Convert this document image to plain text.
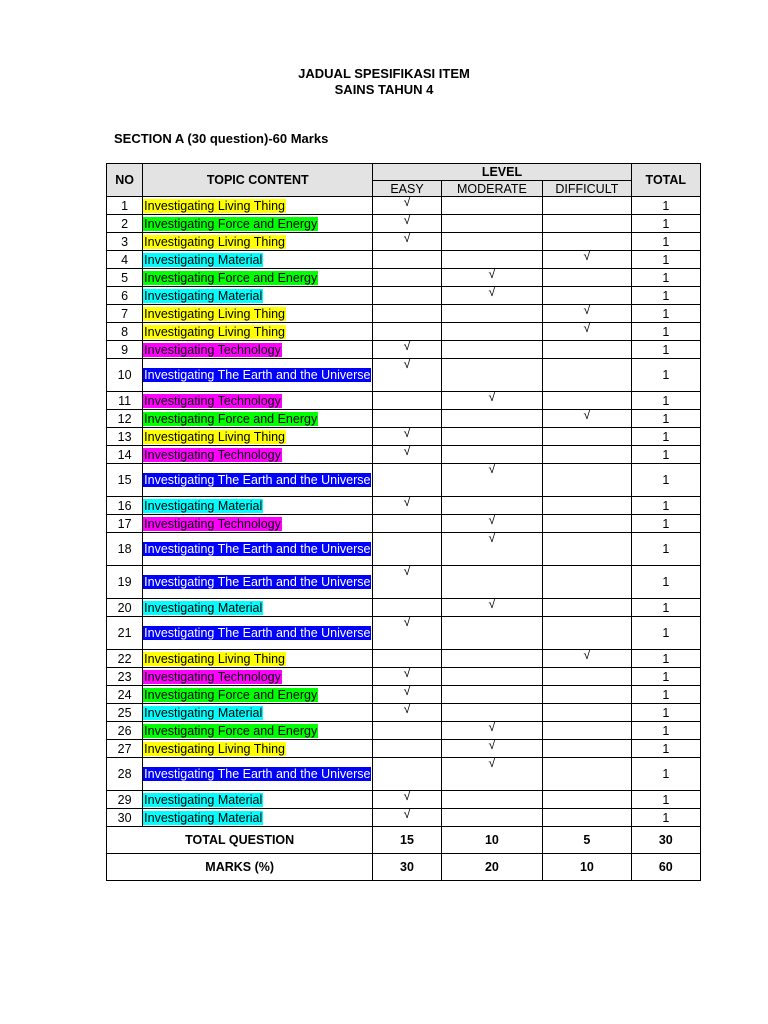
JADUAL SPESIFIKASI ITEM
SAINS TAHUN 4
SECTION A (30 question)-60 Marks
NO	TOPIC CONTENT	LEVEL			TOTAL
		EASY	MODERATE	DIFFICULT	
1	Investigating Living Thing	√			1
2	Investigating Force and Energy	√			1
3	Investigating Living Thing	√			1
4	Investigating Material			√	1
5	Investigating Force and Energy		√		1
6	Investigating Material		√		1
7	Investigating Living Thing			√	1
8	Investigating Living Thing			√	1
9	Investigating Technology	√			1
10	Investigating The Earth and the Universe	√			1
11	Investigating Technology		√		1
12	Investigating Force and Energy			√	1
13	Investigating Living Thing	√			1
14	Investigating Technology	√			1
15	Investigating The Earth and the Universe		√		1
16	Investigating Material	√			1
17	Investigating Technology		√		1
18	Investigating The Earth and the Universe		√		1
19	Investigating The Earth and the Universe	√			1
20	Investigating Material		√		1
21	Investigating The Earth and the Universe	√			1
22	Investigating Living Thing			√	1
23	Investigating Technology	√			1
24	Investigating Force and Energy	√			1
25	Investigating Material	√			1
26	Investigating Force and Energy		√		1
27	Investigating Living Thing		√		1
28	Investigating The Earth and the Universe		√		1
29	Investigating Material	√			1
30	Investigating Material	√			1
TOTAL QUESTION		15	10	5	30
MARKS (%)		30	20	10	60
